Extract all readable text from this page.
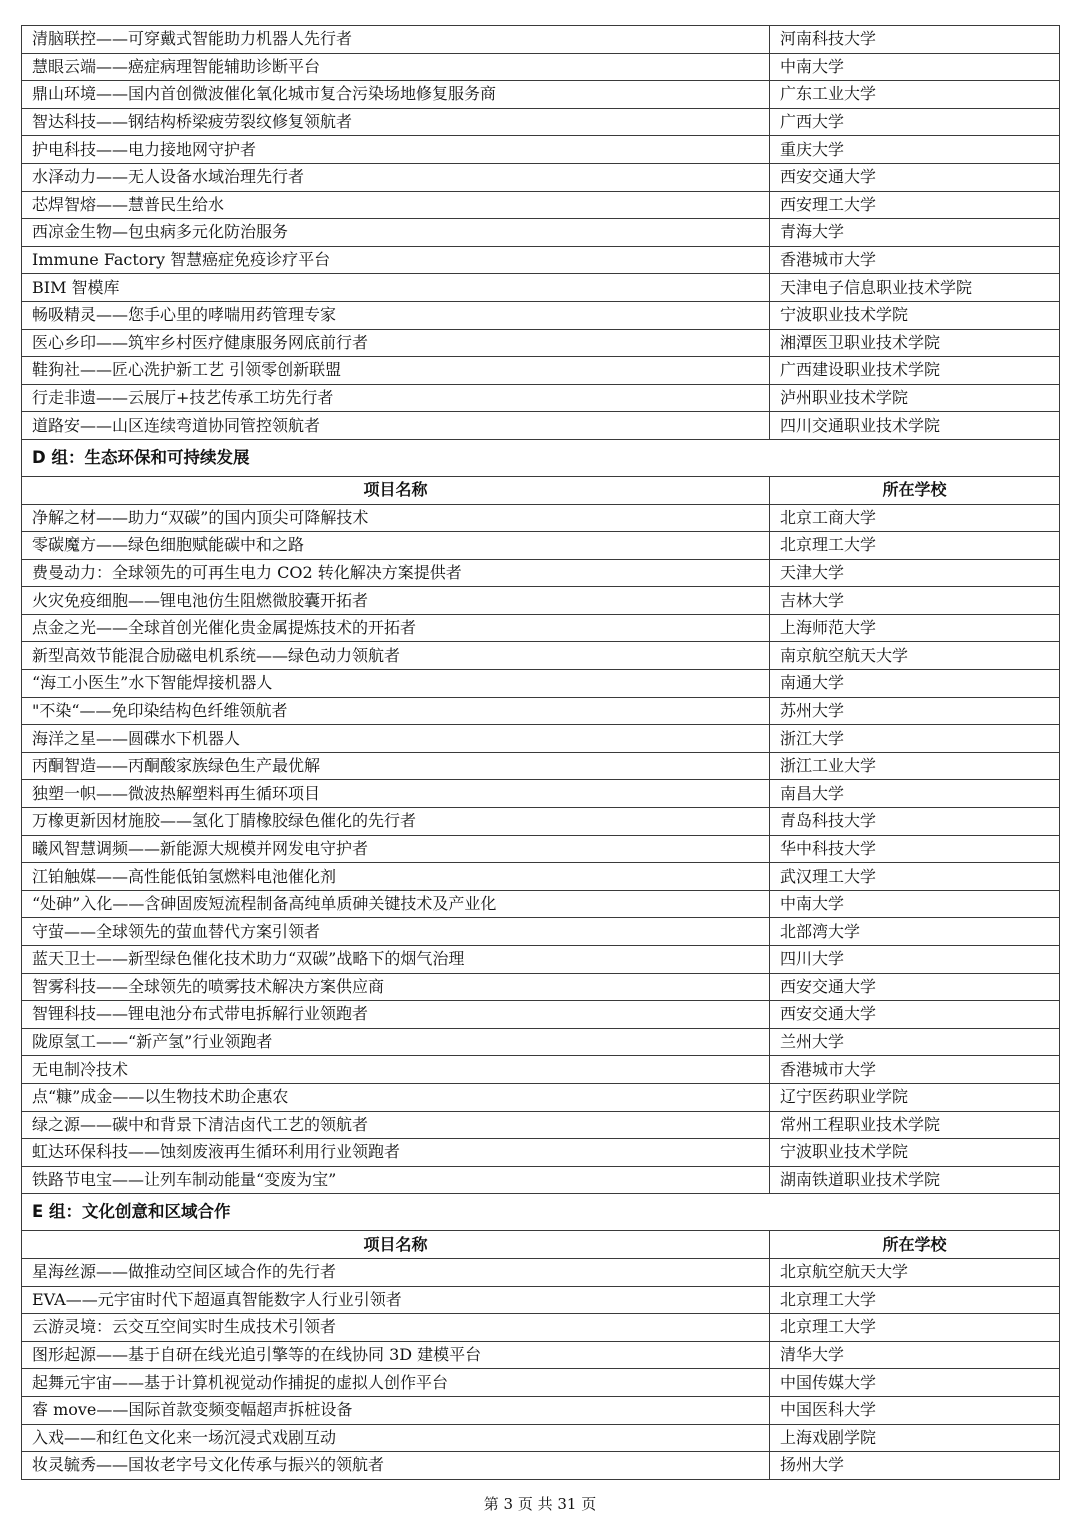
清脑联控——可穿戴式智能助力机器人先行者	河南科技大学
慧眼云端——癌症病理智能辅助诊断平台	中南大学
鼎山环境——国内首创微波催化氧化城市复合污染场地修复服务商	广东工业大学
智达科技——钢结构桥梁疲劳裂纹修复领航者	广西大学
护电科技——电力接地网守护者	重庆大学
水泽动力——无人设备水域治理先行者	西安交通大学
芯焊智熔——慧普民生给水	西安理工大学
西凉金生物—包虫病多元化防治服务	青海大学
Immune Factory 智慧癌症免疫诊疗平台	香港城市大学
BIM 智模库	天津电子信息职业技术学院
畅吸精灵——您手心里的哮喘用药管理专家	宁波职业技术学院
医心乡印——筑牢乡村医疗健康服务网底前行者	湘潭医卫职业技术学院
鞋狗社——匠心洗护新工艺 引领零创新联盟	广西建设职业技术学院
行走非遗——云展厅+技艺传承工坊先行者	泸州职业技术学院
道路安——山区连续弯道协同管控领航者	四川交通职业技术学院
D 组：生态环保和可持续发展	
项目名称	所在学校
净解之材——助力“双碳”的国内顶尖可降解技术	北京工商大学
零碳魔方——绿色细胞赋能碳中和之路	北京理工大学
费曼动力：全球领先的可再生电力 CO2 转化解决方案提供者	天津大学
火灾免疫细胞——锂电池仿生阻燃微胶囊开拓者	吉林大学
点金之光——全球首创光催化贵金属提炼技术的开拓者	上海师范大学
新型高效节能混合励磁电机系统——绿色动力领航者	南京航空航天大学
“海工小医生”水下智能焊接机器人	南通大学
"不染“——免印染结构色纤维领航者	苏州大学
海洋之星——圆碟水下机器人	浙江大学
丙酮智造——丙酮酸家族绿色生产最优解	浙江工业大学
独塑一帜——微波热解塑料再生循环项目	南昌大学
万橡更新因材施胶——氢化丁腈橡胶绿色催化的先行者	青岛科技大学
曦风智慧调频——新能源大规模并网发电守护者	华中科技大学
江铂触媒——高性能低铂氢燃料电池催化剂	武汉理工大学
“处砷”入化——含砷固废短流程制备高纯单质砷关键技术及产业化	中南大学
守萤——全球领先的萤血替代方案引领者	北部湾大学
蓝天卫士——新型绿色催化技术助力“双碳”战略下的烟气治理	四川大学
智雾科技——全球领先的喷雾技术解决方案供应商	西安交通大学
智锂科技——锂电池分布式带电拆解行业领跑者	西安交通大学
陇原氢工——“新产氢”行业领跑者	兰州大学
无电制冷技术	香港城市大学
点“糠”成金——以生物技术助企惠农	辽宁医药职业学院
绿之源——碳中和背景下清洁卤代工艺的领航者	常州工程职业技术学院
虹达环保科技——蚀刻废液再生循环利用行业领跑者	宁波职业技术学院
铁路节电宝——让列车制动能量“变废为宝”	湖南铁道职业技术学院
E 组：文化创意和区域合作	
项目名称	所在学校
星海丝源——做推动空间区域合作的先行者	北京航空航天大学
EVA——元宇宙时代下超逼真智能数字人行业引领者	北京理工大学
云游灵境：云交互空间实时生成技术引领者	北京理工大学
图形起源——基于自研在线光追引擎等的在线协同 3D 建模平台	清华大学
起舞元宇宙——基于计算机视觉动作捕捉的虚拟人创作平台	中国传媒大学
睿 move——国际首款变频变幅超声拆桩设备	中国医科大学
入戏——和红色文化来一场沉浸式戏剧互动	上海戏剧学院
妆灵毓秀——国妆老字号文化传承与振兴的领航者	扬州大学
第 3 页 共 31 页
